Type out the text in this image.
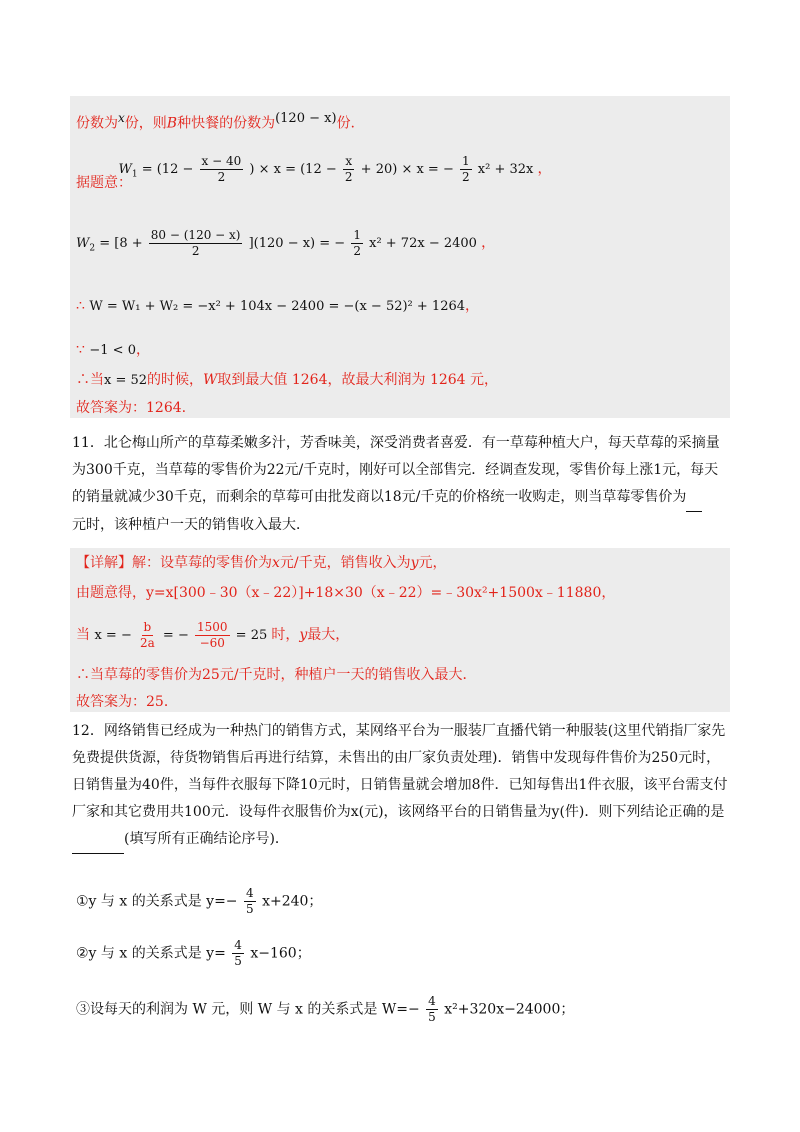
份数为$^x$份，则B种快餐的份数为$^{(120 - x)}$份.
据题意： $W_1 = (12 - \frac{x - 40}{2}$ ) × $x = (12 - \frac{x}{2} + 20) \times x$ = − $\frac{1}{2} x^2 + 32x$ ，
$W_2 = [8 + \frac{80 - (120 - x)}{2} ](120 - x)$ = − $\frac{1}{2} x^2 + 72x - 2400$ ，
∴ W = W₁ + W₂ = −x² + 104x − 2400 = −(x − 52)² + 1264，
∵ −1 < 0，
∴当x = 52的时候，W取到最大值 1264，故最大利润为 1264 元，
故答案为：1264.
11．北仑梅山所产的草莓柔嫩多汁，芳香味美，深受消费者喜爱．有一草莓种植大户，每天草莓的采摘量为300千克，当草莓的零售价为22元/千克时，刚好可以全部售完．经调查发现，零售价每上涨1元，每天的销量就减少30千克，而剩余的草莓可由批发商以18元/千克的价格统一收购走，则当草莓零售价为
元时，该种植户一天的销售收入最大．
【详解】解：设草莓的零售价为x元/千克，销售收入为y元，
由题意得，y=x[300﹣30（x﹣22）]+18×30（x﹣22）=﹣30x²+1500x﹣11880，
当 x = − $\frac{b}{2a}$ = − $\frac{1500}{-60} = 25$ 时，y最大，
∴当草莓的零售价为25元/千克时，种植户一天的销售收入最大．
故答案为：25．
12．网络销售已经成为一种热门的销售方式，某网络平台为一服装厂直播代销一种服装(这里代销指厂家先免费提供货源，待货物销售后再进行结算，未售出的由厂家负责处理)．销售中发现每件售价为250元时，日销售量为40件，当每件衣服每下降10元时，日销售量就会增加8件．已知每售出1件衣服，该平台需支付厂家和其它费用共100元．设每件衣服售价为x(元)，该网络平台的日销售量为y(件)．则下列结论正确的是 (填写所有正确结论序号)．
①y 与 x 的关系式是 $y=- \frac{4}{5} x+240$；
②y 与 x 的关系式是 $y= \frac{4}{5} x-160$；
③设每天的利润为 W 元，则 W 与 x 的关系式是 $W=- \frac{4}{5} x^2+320x-24000$；
